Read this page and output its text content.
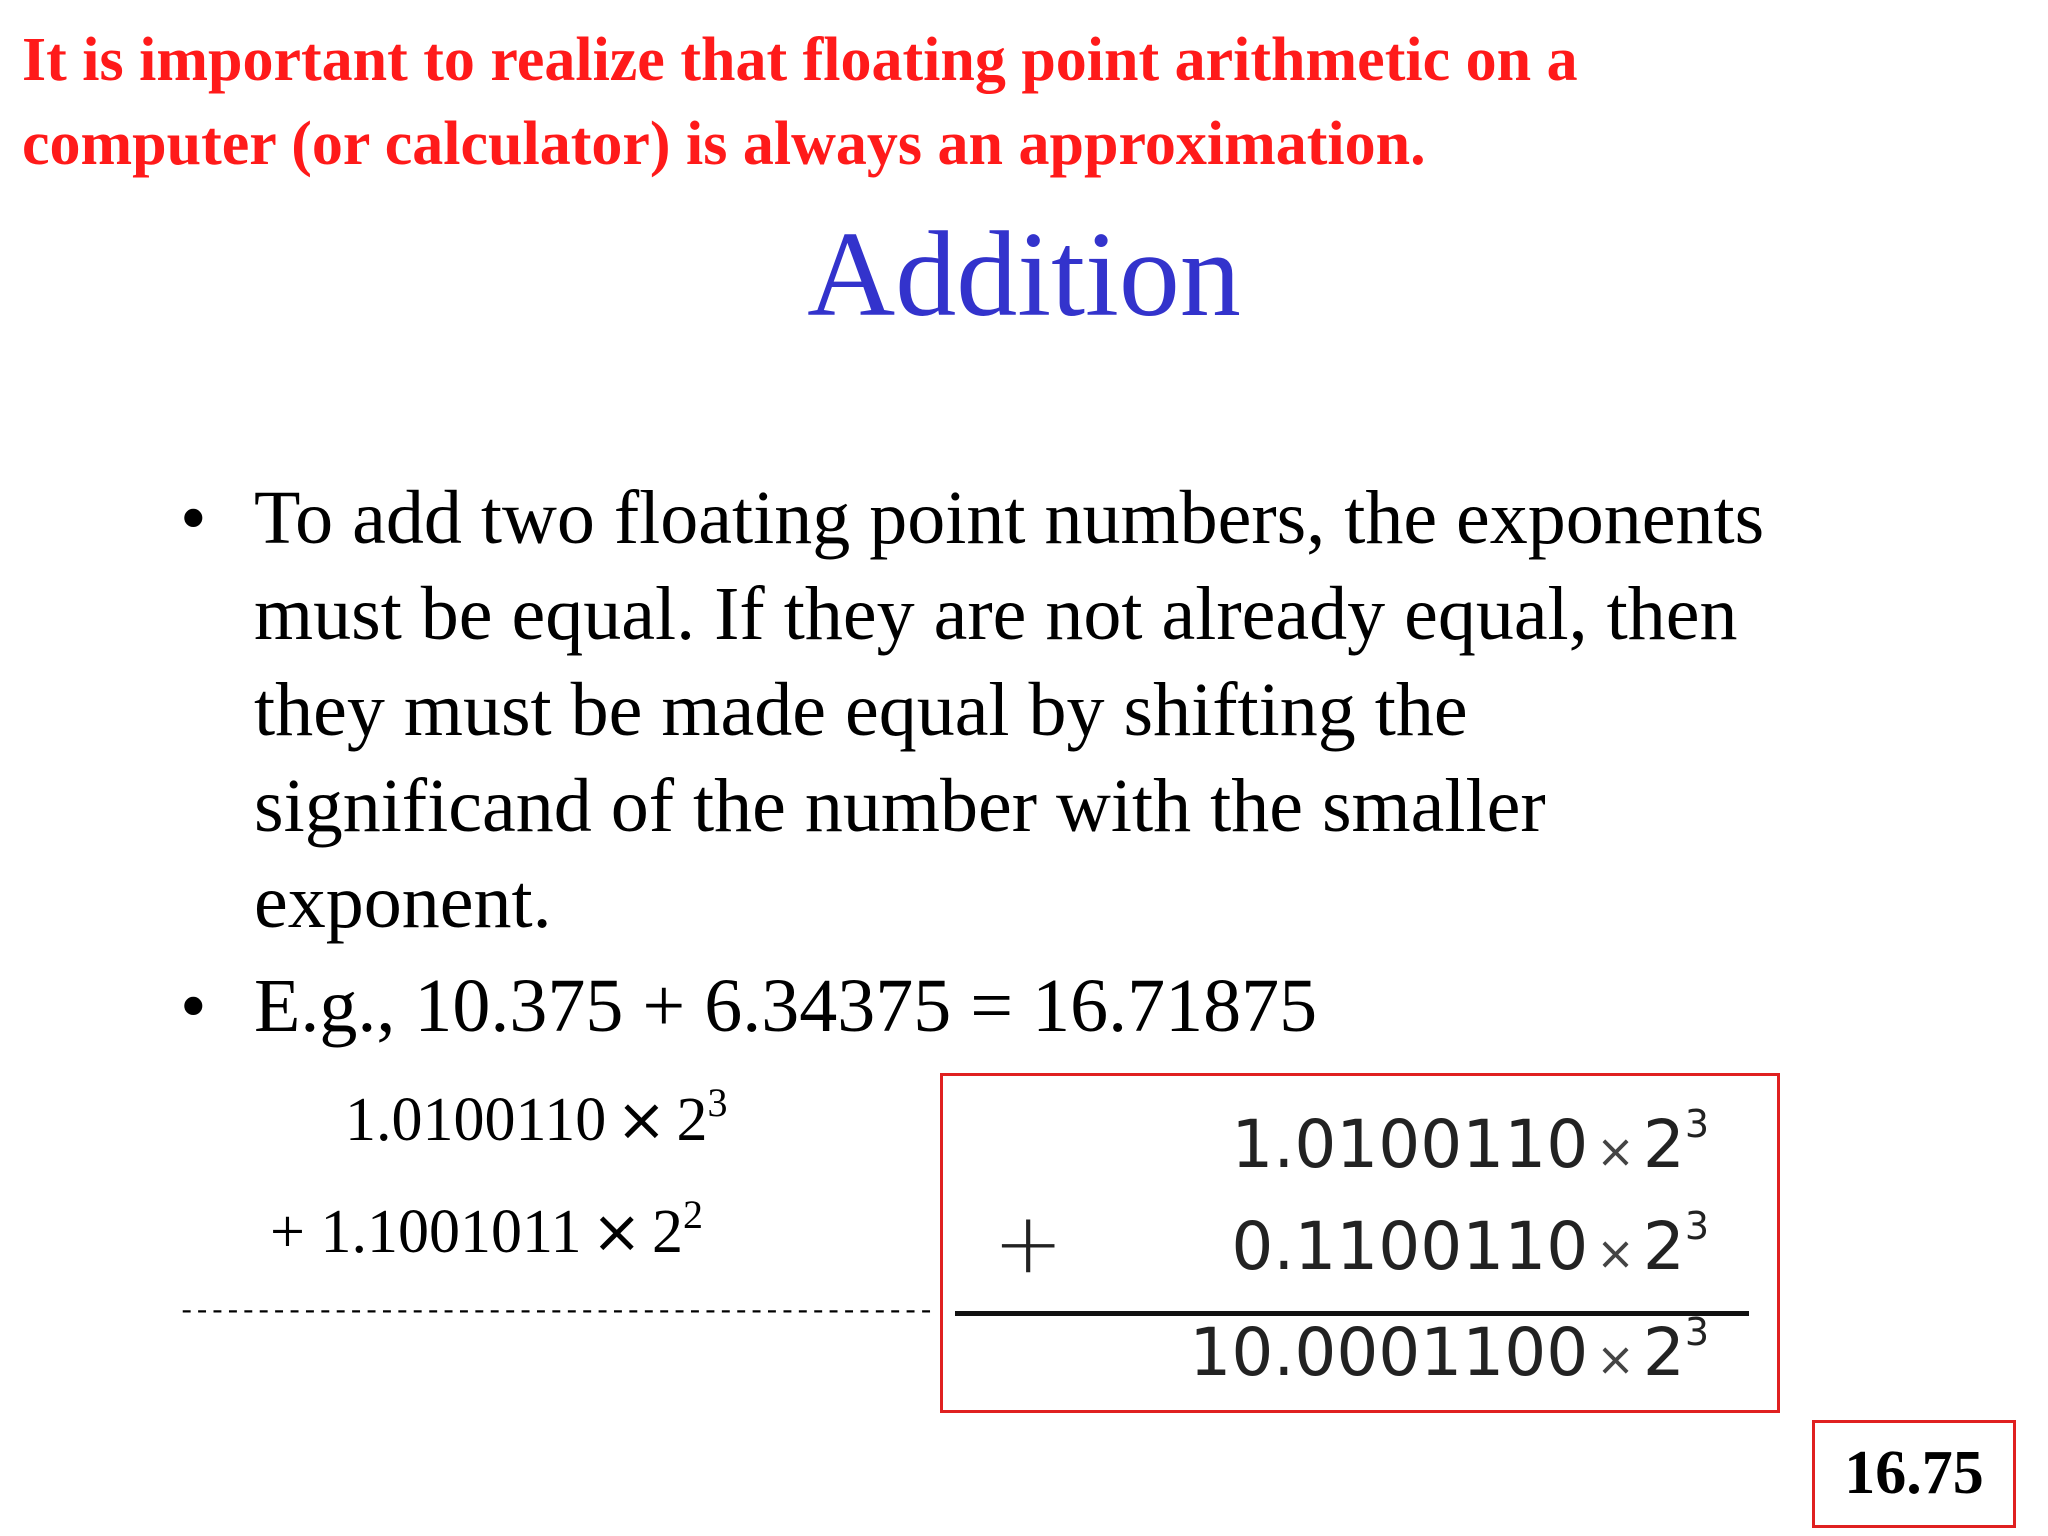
It is important to realize that floating point arithmetic on a
computer (or calculator) is always an approximation.
Addition
• To add two floating point numbers, the exponents
must be equal. If they are not already equal, then
they must be made equal by shifting the
significand of the number with the smaller
exponent.
• E.g., 10.375 + 6.34375 = 16.71875
$1.0100110 \times 2^3$
+ $1.1001011 \times 2^2$
-------------------------------------------------
$1.0100110 \times 2^3$
+	$0.1100110 \times 2^3$
$10.0001100 \times 2^3$
16.75
